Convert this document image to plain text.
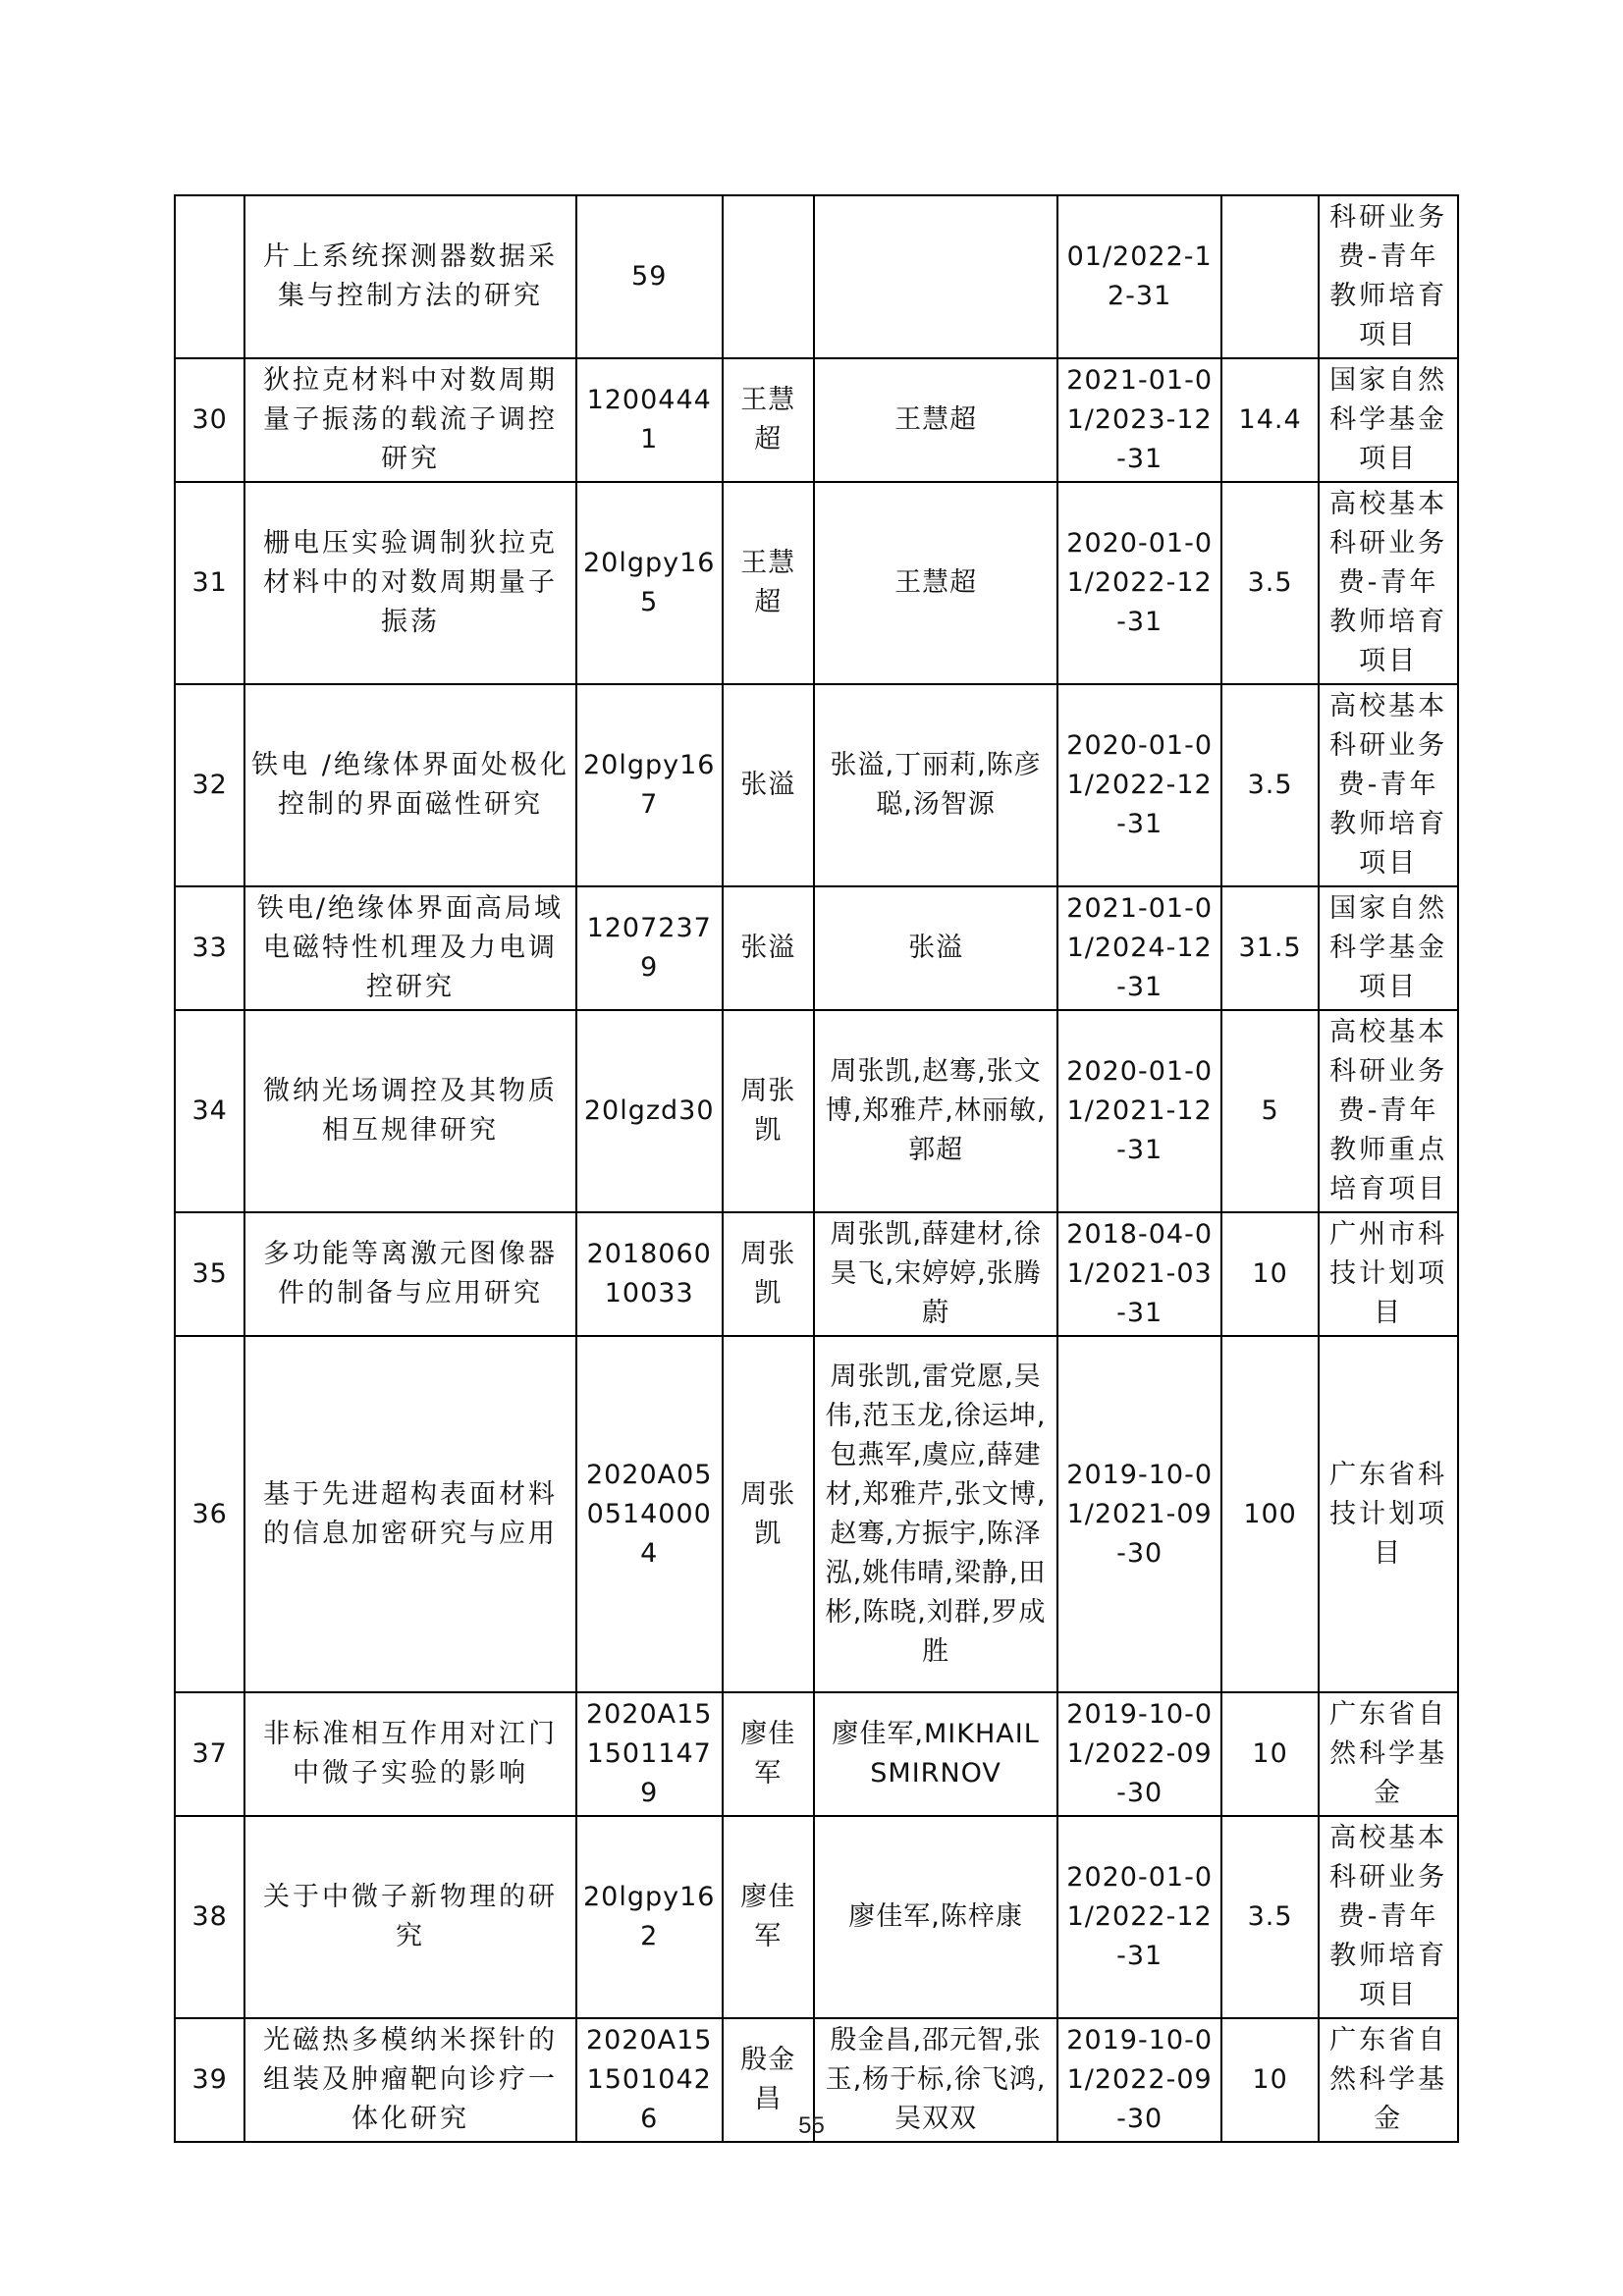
	片上系统探测器数据采集与控制方法的研究	59			01/2022-12-31		科研业务费-青年教师培育项目
30	狄拉克材料中对数周期量子振荡的载流子调控研究	12004441	王慧超	王慧超	2021-01-01/2023-12-31	14.4	国家自然科学基金项目
31	栅电压实验调制狄拉克材料中的对数周期量子振荡	20lgpy165	王慧超	王慧超	2020-01-01/2022-12-31	3.5	高校基本科研业务费-青年教师培育项目
32	铁电 /绝缘体界面处极化控制的界面磁性研究	20lgpy167	张溢	张溢,丁丽莉,陈彦聪,汤智源	2020-01-01/2022-12-31	3.5	高校基本科研业务费-青年教师培育项目
33	铁电/绝缘体界面高局域电磁特性机理及力电调控研究	12072379	张溢	张溢	2021-01-01/2024-12-31	31.5	国家自然科学基金项目
34	微纳光场调控及其物质相互规律研究	20lgzd30	周张凯	周张凯,赵骞,张文博,郑雅芹,林丽敏,郭超	2020-01-01/2021-12-31	5	高校基本科研业务费-青年教师重点培育项目
35	多功能等离激元图像器件的制备与应用研究	201806010033	周张凯	周张凯,薛建材,徐昊飞,宋婷婷,张腾蔚	2018-04-01/2021-03-31	10	广州市科技计划项目
36	基于先进超构表面材料的信息加密研究与应用	2020A050514000 4	周张凯	周张凯,雷党愿,吴伟,范玉龙,徐运坤,包燕军,虞应,薛建材,郑雅芹,张文博,赵骞,方振宇,陈泽泓,姚伟晴,梁静,田彬,陈晓,刘群,罗成胜	2019-10-01/2021-09-30	100	广东省科技计划项目
37	非标准相互作用对江门中微子实验的影响	2020A151501147 9	廖佳军	廖佳军,MIKHAIL SMIRNOV	2019-10-01/2022-09-30	10	广东省自然科学基金
38	关于中微子新物理的研究	20lgpy162	廖佳军	廖佳军,陈梓康	2020-01-01/2022-12-31	3.5	高校基本科研业务费-青年教师培育项目
39	光磁热多模纳米探针的组装及肿瘤靶向诊疗一体化研究	2020A151501042 6	殷金昌	殷金昌,邵元智,张玉,杨于标,徐飞鸿,吴双双	2019-10-01/2022-09-30	10	广东省自然科学基金
55
